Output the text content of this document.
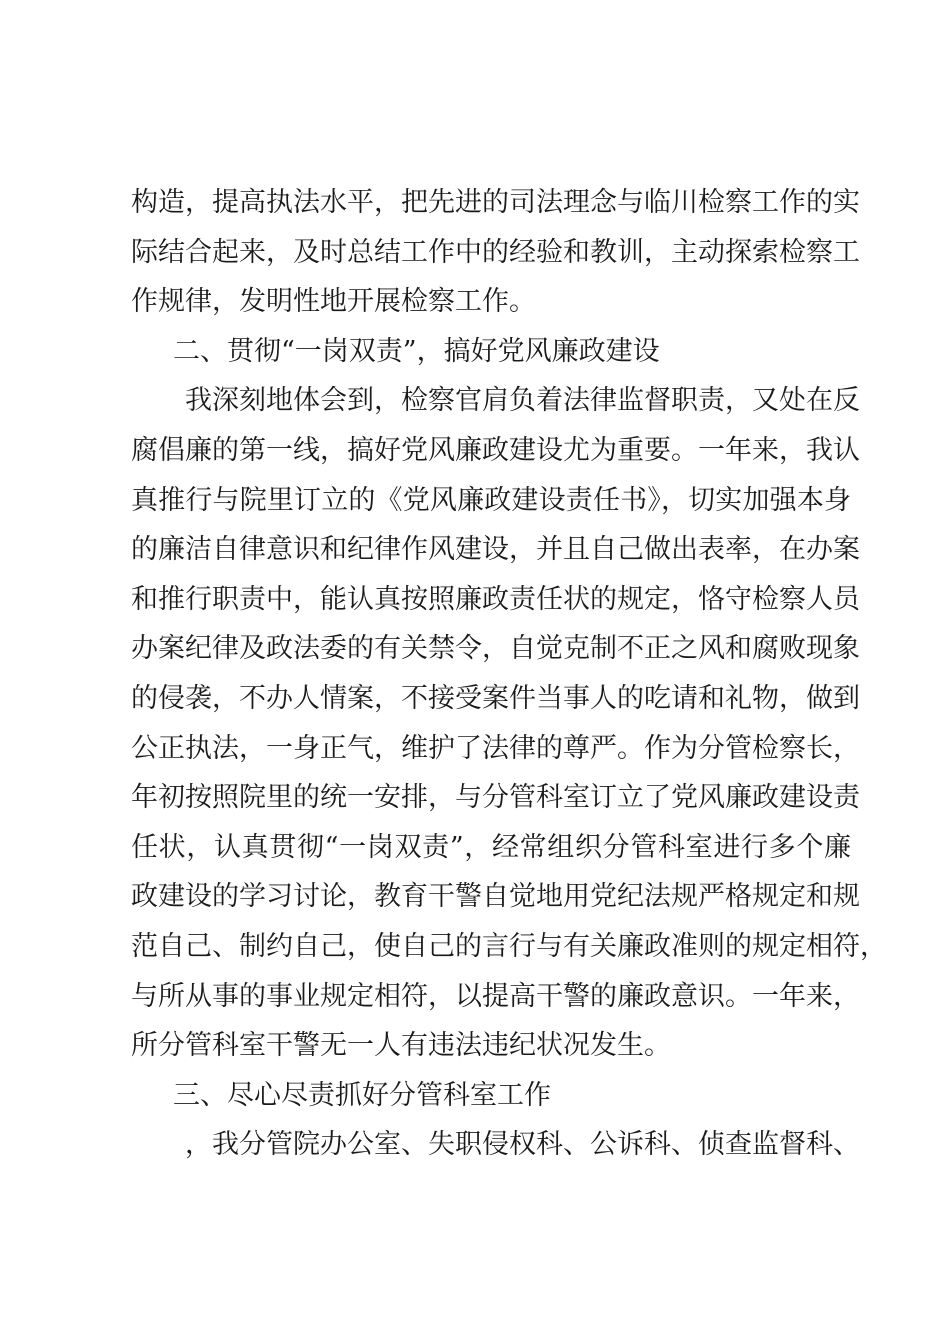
构造，提高执法水平，把先进的司法理念与临川检察工作的实
际结合起来，及时总结工作中的经验和教训，主动探索检察工
作规律，发明性地开展检察工作。
二、贯彻“一岗双责”，搞好党风廉政建设
我深刻地体会到，检察官肩负着法律监督职责，又处在反
腐倡廉的第一线，搞好党风廉政建设尤为重要。一年来，我认
真推行与院里订立的《党风廉政建设责任书》，切实加强本身
的廉洁自律意识和纪律作风建设，并且自己做出表率，在办案
和推行职责中，能认真按照廉政责任状的规定，恪守检察人员
办案纪律及政法委的有关禁令，自觉克制不正之风和腐败现象
的侵袭，不办人情案，不接受案件当事人的吃请和礼物，做到
公正执法，一身正气，维护了法律的尊严。作为分管检察长，
年初按照院里的统一安排，与分管科室订立了党风廉政建设责
任状，认真贯彻“一岗双责”，经常组织分管科室进行多个廉
政建设的学习讨论，教育干警自觉地用党纪法规严格规定和规
范自己、制约自己，使自己的言行与有关廉政准则的规定相符，
与所从事的事业规定相符，以提高干警的廉政意识。一年来，
所分管科室干警无一人有违法违纪状况发生。
三、尽心尽责抓好分管科室工作
，我分管院办公室、失职侵权科、公诉科、侦查监督科、
